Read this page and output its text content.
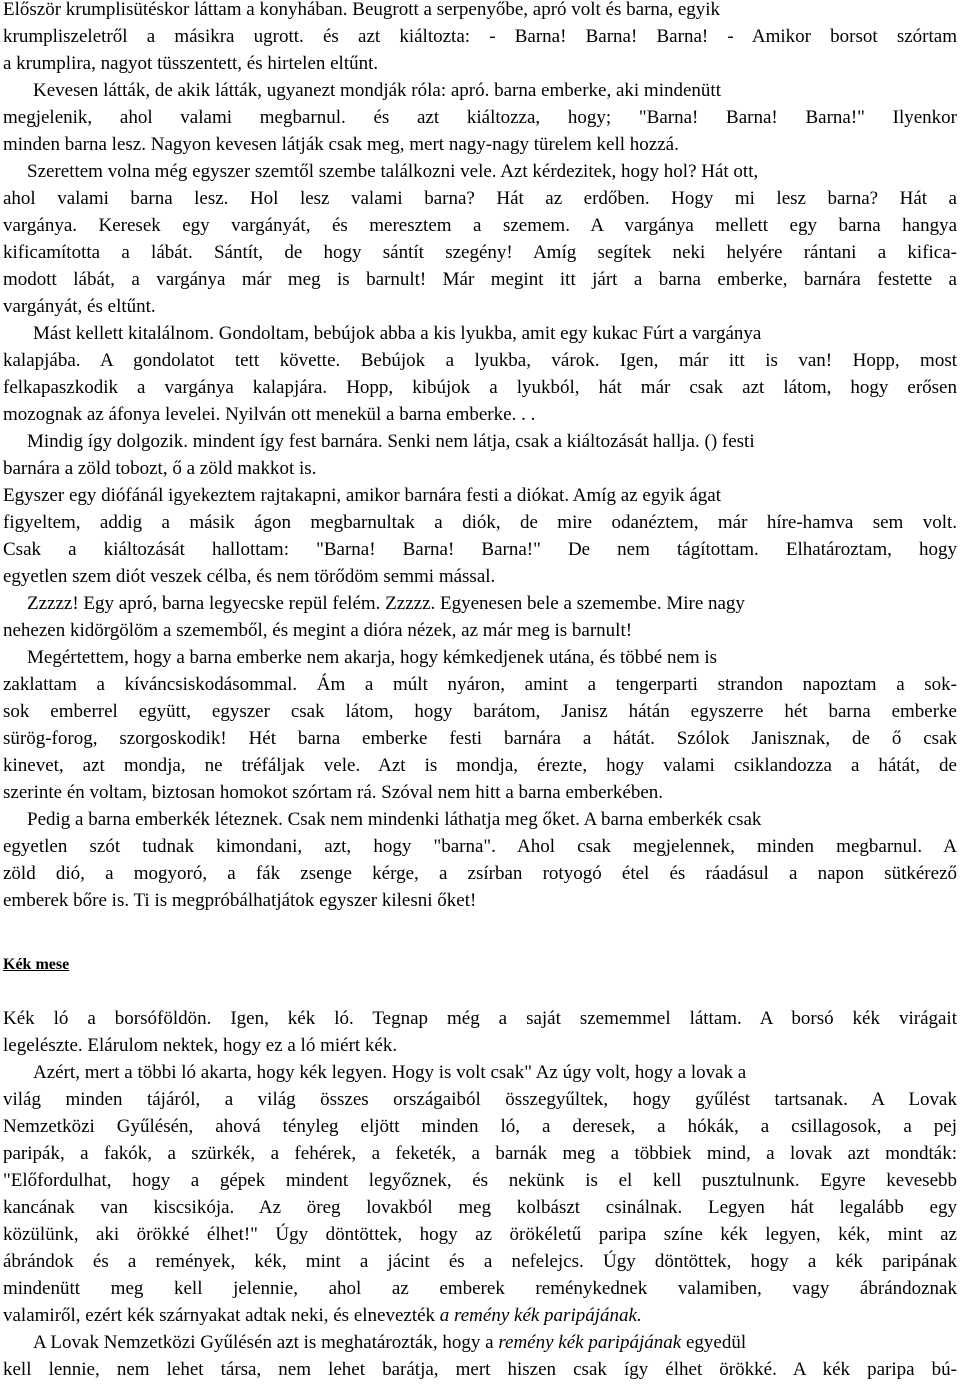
Először krumplisütéskor láttam a konyhában. Beugrott a serpenyőbe, apró volt és barna, egyik

krumpliszeletről a másikra ugrott. és azt kiáltozta: - Barna! Barna! Barna! - Amikor borsot szórtam

a krumplira, nagyot tüsszentett, és hirtelen eltűnt.

Kevesen látták, de akik látták, ugyanezt mondják róla: apró. barna emberke, aki mindenütt

megjelenik, ahol valami megbarnul. és azt kiáltozza, hogy; "Barna! Barna! Barna!" Ilyenkor

minden barna lesz. Nagyon kevesen látják csak meg, mert nagy-nagy türelem kell hozzá.

Szerettem volna még egyszer szemtől szembe találkozni vele. Azt kérdezitek, hogy hol? Hát ott,

ahol valami barna lesz. Hol lesz valami barna? Hát az erdőben. Hogy mi lesz barna? Hát a

vargánya. Keresek egy vargányát, és meresztem a szemem. A vargánya mellett egy barna hangya

kificamította a lábát. Sántít, de hogy sántít szegény! Amíg segítek neki helyére rántani a kifica-

modott lábát, a vargánya már meg is barnult! Már megint itt járt a barna emberke, barnára festette a

vargányát, és eltűnt.

Mást kellett kitalálnom. Gondoltam, bebújok abba a kis lyukba, amit egy kukac Fúrt a vargánya

kalapjába. A gondolatot tett követte. Bebújok a lyukba, várok. Igen, már itt is van! Hopp, most

felkapaszkodik a vargánya kalapjára. Hopp, kibújok a lyukból, hát már csak azt látom, hogy erősen

mozognak az áfonya levelei. Nyilván ott menekül a barna emberke. . .

Mindig így dolgozik. mindent így fest barnára. Senki nem látja, csak a kiáltozását hallja. () festi

barnára a zöld tobozt, ő a zöld makkot is.

Egyszer egy diófánál igyekeztem rajtakapni, amikor barnára festi a diókat. Amíg az egyik ágat

figyeltem, addig a másik ágon megbarnultak a diók, de mire odanéztem, már híre-hamva sem volt.

Csak a kiáltozását hallottam: "Barna! Barna! Barna!" De nem tágítottam. Elhatároztam, hogy

egyetlen szem diót veszek célba, és nem törődöm semmi mással.

Zzzzz! Egy apró, barna legyecske repül felém. Zzzzz. Egyenesen bele a szemembe. Mire nagy

nehezen kidörgölöm a szememből, és megint a dióra nézek, az már meg is barnult!

Megértettem, hogy a barna emberke nem akarja, hogy kémkedjenek utána, és többé nem is

zaklattam a kíváncsiskodásommal. Ám a múlt nyáron, amint a tengerparti strandon napoztam a sok-

sok emberrel együtt, egyszer csak látom, hogy barátom, Janisz hátán egyszerre hét barna emberke

sürög-forog, szorgoskodik! Hét barna emberke festi barnára a hátát. Szólok Janisznak, de ő csak

kinevet, azt mondja, ne tréfáljak vele. Azt is mondja, érezte, hogy valami csiklandozza a hátát, de

szerinte én voltam, biztosan homokot szórtam rá. Szóval nem hitt a barna emberkében.

Pedig a barna emberkék léteznek. Csak nem mindenki láthatja meg őket. A barna emberkék csak

egyetlen szót tudnak kimondani, azt, hogy "barna". Ahol csak megjelennek, minden megbarnul. A

zöld dió, a mogyoró, a fák zsenge kérge, a zsírban rotyogó étel és ráadásul a napon sütkérező

emberek bőre is. Ti is megpróbálhatjátok egyszer kilesni őket!

Kék mese

Kék ló a borsóföldön. Igen, kék ló. Tegnap még a saját szememmel láttam. A borsó kék virágait

legelészte. Elárulom nektek, hogy ez a ló miért kék.

Azért, mert a többi ló akarta, hogy kék legyen. Hogy is volt csak" Az úgy volt, hogy a lovak a

világ minden tájáról, a világ összes országaiból összegyűltek, hogy gyűlést tartsanak. A Lovak

Nemzetközi Gyűlésén, ahová tényleg eljött minden ló, a deresek, a hókák, a csillagosok, a pej

paripák, a fakók, a szürkék, a fehérek, a feketék, a barnák meg a többiek mind, a lovak azt mondták:

"Előfordulhat, hogy a gépek mindent legyőznek, és nekünk is el kell pusztulnunk. Egyre kevesebb

kancának van kiscsikója. Az öreg lovakból meg kolbászt csinálnak. Legyen hát legalább egy

közülünk, aki örökké élhet!" Úgy döntöttek, hogy az örökéletű paripa színe kék legyen, kék, mint az

ábrándok és a remények, kék, mint a jácint és a nefelejcs. Úgy döntöttek, hogy a kék paripának

mindenütt meg kell jelennie, ahol az emberek reménykednek valamiben, vagy ábrándoznak

valamiről, ezért kék szárnyakat adtak neki, és elnevezték a remény kék paripájának.

A Lovak Nemzetközi Gyűlésén azt is meghatározták, hogy a remény kék paripájának egyedül

kell lennie, nem lehet társa, nem lehet barátja, mert hiszen csak így élhet örökké. A kék paripa bú-
